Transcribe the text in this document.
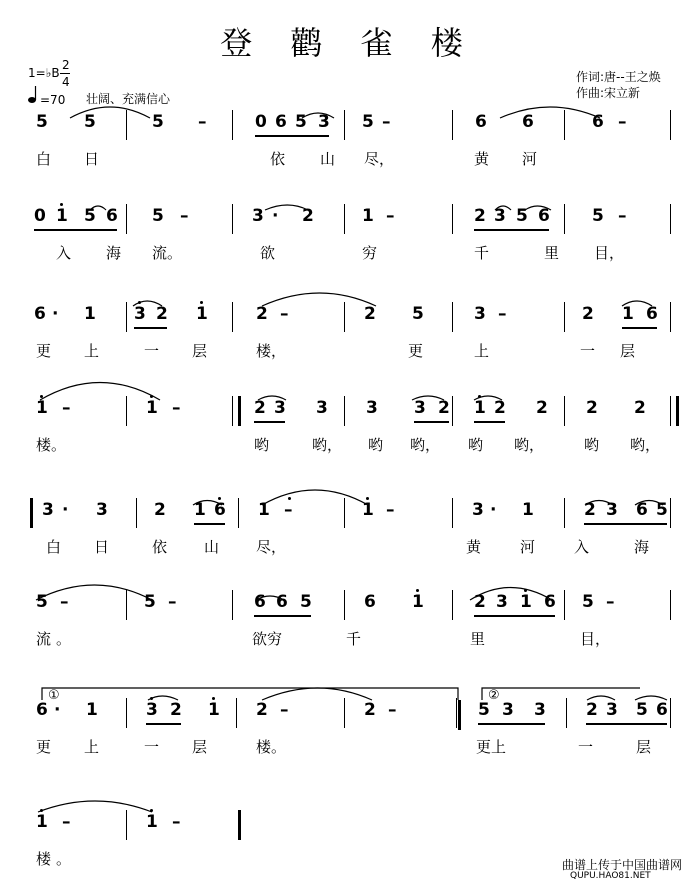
登 鹳 雀 楼
1=♭B
2
4
=70 壮阔、充满信心
作词:唐--王之焕
作曲:宋立新
5 5	5 –	0 6 5 3 5 –	6 6	6 –
白 日	依 山 尽，	黄 河
0 1 5 6 5 –	3 · 2	1 –	2 3 5 6 5 –
入 海 流。	欲	穷	千	里 目，
6 · 1 3 2 1	2 –	2 5	3 –	2 1 6
更 上	一 层	楼，	更	上	一 层
1 –	1 –	2 3 3 3 3 2 1 2 2 2 2
楼。	哟	哟， 哟 哟， 哟 哟，	哟 哟，
3 · 3	2 1 6 1 –	1 –	3 · 1	2 3 6 5
白 日	依 山 尽，	黄	河	入	海
5 –	5 –	6 6 5	6 1	2 3 1 6 5 –
流 。	欲穷	千	里	目，
6 · 1	3 2 1 2 –	2 –	5 3 3 2 3 5 6
更 上	一 层	楼。	更上	一	层
1 –	1 –
楼 。
①	②
曲谱上传于中国曲谱网
QUPU.HAO81.NET
